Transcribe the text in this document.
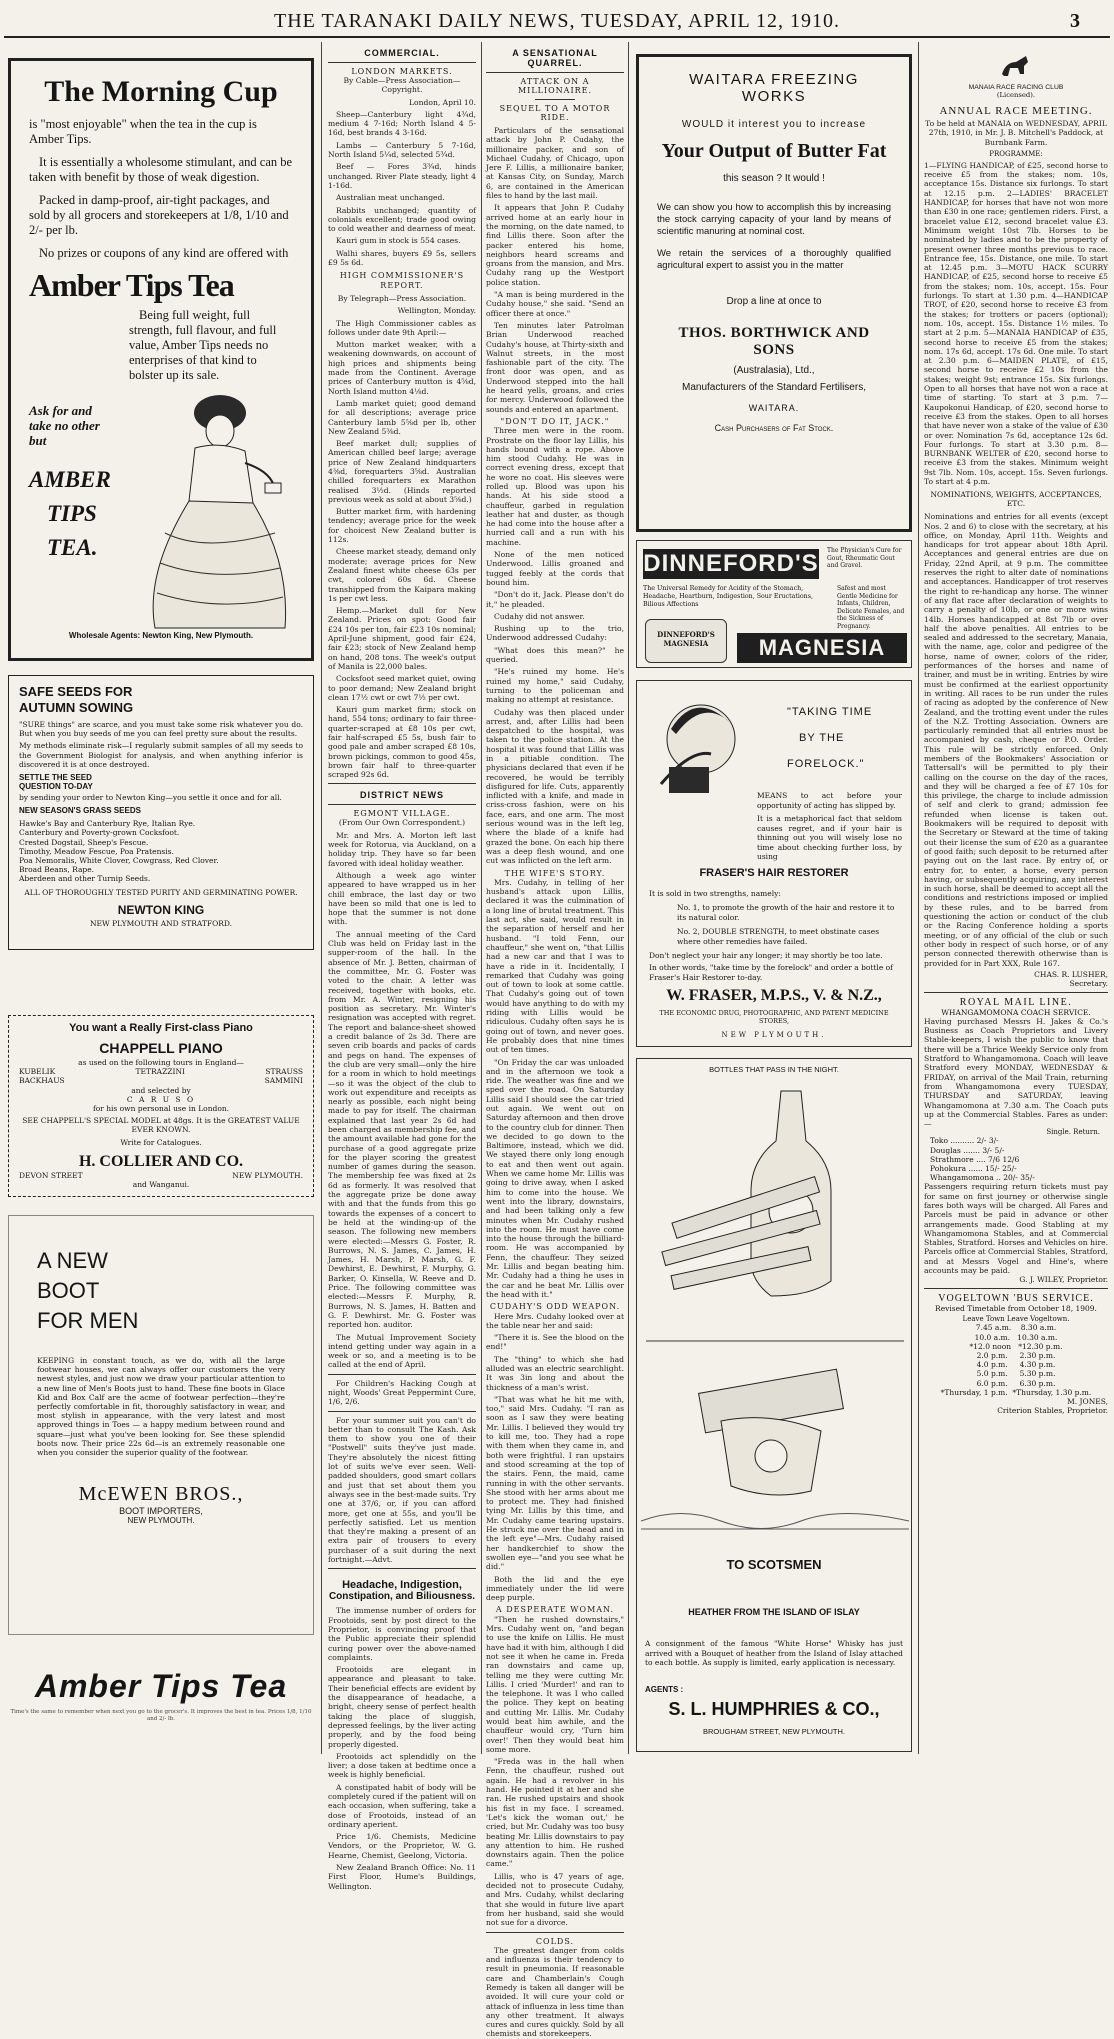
THE TARANAKI DAILY NEWS, TUESDAY, APRIL 12, 1910.	3
The Morning Cup
is "most enjoyable" when the tea in the cup is Amber Tips.
It is essentially a wholesome stimulant, and can be taken with benefit by those of weak digestion.
Packed in damp-proof, air-tight packages, and sold by all grocers and storekeepers at 1/8, 1/10 and 2/- per lb.
No prizes or coupons of any kind are offered with
Amber Tips Tea
Being full weight, full strength, full flavour, and full value, Amber Tips needs no enterprises of that kind to bolster up its sale.
Ask for and take no other but
AMBER
TIPS
TEA.
Wholesale Agents: Newton King, New Plymouth.
SAFE SEEDS FOR
AUTUMN SOWING
"SURE things" are scarce, and you must take some risk whatever you do. But when you buy seeds of me you can feel pretty sure about the results.
My methods eliminate risk—I regularly submit samples of all my seeds to the Government Biologist for analysis, and when anything inferior is discovered it is at once destroyed.
SETTLE THE SEED
QUESTION TO-DAY
by sending your order to Newton King—you settle it once and for all.
NEW SEASON'S GRASS SEEDS
Hawke's Bay and Canterbury Rye, Italian Rye.
Canterbury and Poverty-grown Cocksfoot.
Crested Dogstail, Sheep's Fescue.
Timothy, Meadow Fescue, Poa Pratensis.
Poa Nemoralis, White Clover, Cowgrass, Red Clover.
Broad Beans, Rape.
Aberdeen and other Turnip Seeds.
ALL OF THOROUGHLY TESTED PURITY AND GERMINATING POWER.
NEWTON KING
NEW PLYMOUTH AND STRATFORD.
You want a Really First-class Piano
CHAPPELL PIANO
as used on the following tours in England—
KUBELIK	TETRAZZINI	STRAUSS
BACKHAUS	SAMMINI
and selected by
C A R U S O
for his own personal use in London.
SEE CHAPPELL'S SPECIAL MODEL at 48gs. It is the GREATEST VALUE EVER KNOWN.
Write for Catalogues.
H. COLLIER AND CO.
DEVON STREET	NEW PLYMOUTH.
and Wanganui.
A NEW
BOOT
FOR MEN
KEEPING in constant touch, as we do, with all the large footwear houses, we can always offer our customers the very newest styles, and just now we draw your particular attention to a new line of Men's Boots just to hand. These fine boots in Glace Kid and Box Calf are the acme of footwear perfection—they're perfectly comfortable in fit, thoroughly satisfactory in wear, and most stylish in appearance, with the very latest and most approved things in Toes — a happy medium between round and square—just what you've been looking for. See these splendid boots now. Their price 22s 6d—is an extremely reasonable one when you consider the superior quality of the footwear.
McEWEN BROS.,
BOOT IMPORTERS,
NEW PLYMOUTH.
Amber Tips Tea
Time's the same to remember when next you go to the grocer's. It improves the best in tea. Prices 1/8, 1/10 and 2/- lb.
COMMERCIAL.
LONDON MARKETS.

By Cable—Press Association—Copyright.

London, April 10.

Sheep—Canterbury light 4¾d, medium 4 7-16d; North Island 4 5-16d, best brands 4 3-16d.

Lambs — Canterbury 5 7-16d, North Island 5¼d, selected 5¾d.

Beef — Fores 3¾d, hinds unchanged. River Plate steady, light 4 1-16d.

Australian meat unchanged.

Rabbits unchanged; quantity of colonials excellent; trade good owing to cold weather and dearness of meat.

Kauri gum in stock is 554 cases.

Walhi shares, buyers £9 5s, sellers £9 5s 6d.

HIGH COMMISSIONER'S REPORT.

By Telegraph—Press Association.

Wellington, Monday.

The High Commissioner cables as follows under date 9th April:—

Mutton market weaker, with a weakening downwards, on account of high prices and shipments being made from the Continent. Average prices of Canterbury mutton is 4⅝d, North Island mutton 4⅛d.

Lamb market quiet; good demand for all descriptions; average price Canterbury lamb 5⅝d per lb, other New Zealand 5⅜d.

Beef market dull; supplies of American chilled beef large; average price of New Zealand hindquarters 4⅜d, forequarters 3⅝d. Australian chilled forequarters ex Marathon realised 3½d. (Hinds reported previous week as sold at about 3⅝d.)

Butter market firm, with hardening tendency; average price for the week for choicest New Zealand butter is 112s.

Cheese market steady, demand only moderate; average prices for New Zealand finest white cheese 63s per cwt, colored 60s 6d. Cheese transhipped from the Kaipara making 1s per cwt less.

Hemp.—Market dull for New Zealand. Prices on spot: Good fair £24 10s per ton, fair £23 10s nominal; April-June shipment, good fair £24, fair £23; stock of New Zealand hemp on hand, 208 tons. The week's output of Manila is 22,000 bales.

Cocksfoot seed market quiet, owing to poor demand; New Zealand bright clean 17½ cwt or cwt 7½ per cwt.

Kauri gum market firm; stock on hand, 554 tons; ordinary to fair three-quarter-scraped at £8 10s per cwt, fair half-scraped £5 5s, bush fair to good pale and amber scraped £8 10s, brown pickings, common to good 45s, brown fair half to three-quarter scraped 92s 6d.

DISTRICT NEWS
EGMONT VILLAGE.

(From Our Own Correspondent.)

Mr. and Mrs. A. Morton left last week for Rotorua, via Auckland, on a holiday trip. They have so far been favored with ideal holiday weather.

Although a week ago winter appeared to have wrapped us in her chill embrace, the last day or two have been so mild that one is led to hope that the summer is not done with.

The annual meeting of the Card Club was held on Friday last in the supper-room of the hall. In the absence of Mr. J. Betten, chairman of the committee, Mr. G. Foster was voted to the chair. A letter was received, together with books, etc. from Mr. A. Winter, resigning his position as secretary. Mr. Winter's resignation was accepted with regret. The report and balance-sheet showed a credit balance of 2s 3d. There are seven crib boards and packs of cards and pegs on hand. The expenses of the club are very small—only the hire for a room in which to hold meetings—so it was the object of the club to work out expenditure and receipts as nearly as possible, each night being made to pay for itself. The chairman explained that last year 2s 6d had been charged as membership fee, and the amount available had gone for the purchase of a good aggregate prize for the player scoring the greatest number of games during the season. The membership fee was fixed at 2s 6d as formerly. It was resolved that the aggregate prize be done away with and that the funds from this go towards the expenses of a concert to be held at the winding-up of the season. The following new members were elected:—Messrs G. Foster, R. Burrows, N. S. James, C. James, H. James, H. Marsh, P. Marsh, G. F. Dewhirst, E. Dewhirst, F. Murphy, G. Barker, O. Kinsella, W. Reeve and D. Price. The following committee was elected:—Messrs F. Murphy, R. Burrows, N. S. James, H. Batten and G. F. Dewhirst. Mr. G. Foster was reported hon. auditor.

The Mutual Improvement Society intend getting under way again in a week or so, and a meeting is to be called at the end of April.

For Children's Hacking Cough at night, Woods' Great Peppermint Cure, 1/6, 2/6.

For your summer suit you can't do better than to consult The Kash. Ask them to show you one of their "Postwell" suits they've just made. They're absolutely the nicest fitting lot of suits we've ever seen. Well-padded shoulders, good smart collars and just that set about them you always see in the best-made suits. Try one at 37/6, or, if you can afford more, get one at 55s, and you'll be perfectly satisfied. Let us mention that they're making a present of an extra pair of trousers to every purchaser of a suit during the next fortnight.—Advt.

Headache, Indigestion,
Constipation, and Biliousness.

The immense number of orders for Frootoids, sent by post direct to the Proprietor, is convincing proof that the Public appreciate their splendid curing power over the above-named complaints.

Frootoids are elegant in appearance and pleasant to take. Their beneficial effects are evident by the disappearance of headache, a bright, cheery sense of perfect health taking the place of sluggish, depressed feelings, by the liver acting properly, and by the food being properly digested.

Frootoids act splendidly on the liver; a dose taken at bedtime once a week is highly beneficial.

A constipated habit of body will be completely cured if the patient will on each occasion, when suffering, take a dose of Frootoids, instead of an ordinary aperient.

Price 1/6. Chemists, Medicine Vendors, or the Proprietor, W. G. Hearne, Chemist, Geelong, Victoria.

New Zealand Branch Office: No. 11 First Floor, Hume's Buildings, Wellington.

A SENSATIONAL QUARREL.
ATTACK ON A MILLIONAIRE.
SEQUEL TO A MOTOR RIDE.

Particulars of the sensational attack by John P. Cudahy, the millionaire packer, and son of Michael Cudahy, of Chicago, upon Jere F. Lillis, a millionaire banker, at Kansas City, on Sunday, March 6, are contained in the American files to hand by the last mail.

It appears that John P. Cudahy arrived home at an early hour in the morning, on the date named, to find Lillis there. Soon after the packer entered his home, neighbors heard screams and groans from the mansion, and Mrs. Cudahy rang up the Westport police station.

"A man is being murdered in the Cudahy house," she said. "Send an officer there at once."

Ten minutes later Patrolman Brian Underwood reached Cudahy's house, at Thirty-sixth and Walnut streets, in the most fashionable part of the city. The front door was open, and as Underwood stepped into the hall he heard yells, groans, and cries for mercy. Underwood followed the sounds and entered an apartment.

"DON'T DO IT, JACK."

Three men were in the room. Prostrate on the floor lay Lillis, his hands bound with a rope. Above him stood Cudahy. He was in correct evening dress, except that he wore no coat. His sleeves were rolled up. Blood was upon his hands. At his side stood a chauffeur, garbed in regulation leather hat and duster, as though he had come into the house after a hurried call and a run with his machine.

None of the men noticed Underwood. Lillis groaned and tugged feebly at the cords that bound him.

"Don't do it, Jack. Please don't do it," he pleaded.

Cudahy did not answer.

Rushing up to the trio, Underwood addressed Cudahy:

"What does this mean?" he queried.

"He's ruined my home. He's ruined my home," said Cudahy, turning to the policeman and making no attempt at resistance.

Cudahy was then placed under arrest, and, after Lillis had been despatched to the hospital, was taken to the police station. At the hospital it was found that Lillis was in a pitiable condition. The physicians declared that even if he recovered, he would be terribly disfigured for life. Cuts, apparently inflicted with a knife, and made in criss-cross fashion, were on his face, ears, and one arm. The most serious wound was in the left leg, where the blade of a knife had grazed the bone. On each hip there was a deep flesh wound, and one cut was inflicted on the left arm.

THE WIFE'S STORY.

Mrs. Cudahy, in telling of her husband's attack upon Lillis, declared it was the culmination of a long line of brutal treatment. This last act, she said, would result in the separation of herself and her husband. "I told Fenn, our chauffeur," she went on, "that Lillis had a new car and that I was to have a ride in it. Incidentally, I remarked that Cudahy was going out of town to look at some cattle. That Cudahy's going out of town would have anything to do with my riding with Lillis would be ridiculous. Cudahy often says he is going out of town, and never goes. He probably does that nine times out of ten times.

"On Friday the car was unloaded and in the afternoon we took a ride. The weather was fine and we sped over the road. On Saturday Lillis said I should see the car tried out again. We went out on Saturday afternoon and then drove to the country club for dinner. Then we decided to go down to the Baltimore, instead, which we did. We stayed there only long enough to eat and then went out again. When we came home Mr. Lillis was going to drive away, when I asked him to come into the house. We went into the library, downstairs, and had been talking only a few minutes when Mr. Cudahy rushed into the room. He must have come into the house through the billiard-room. He was accompanied by Fenn, the chauffeur. They seized Mr. Lillis and began beating him. Mr. Cudahy had a thing he uses in the car and he beat Mr. Lillis over the head with it."

CUDAHY'S ODD WEAPON.

Here Mrs. Cudahy looked over at the table near her and said:

"There it is. See the blood on the end!"

The "thing" to which she had alluded was an electric searchlight. It was 3in long and about the thickness of a man's wrist.

"That was what he hit me with, too," said Mrs. Cudahy. "I ran as soon as I saw they were beating Mr. Lillis. I believed they would try to kill me, too. They had a rope with them when they came in, and both were frightful. I ran upstairs and stood screaming at the top of the stairs. Fenn, the maid, came running in with the other servants. She stood with her arms about me to protect me. They had finished tying Mr. Lillis by this time, and Mr. Cudahy came tearing upstairs. He struck me over the head and in the left eye"—Mrs. Cudahy raised her handkerchief to show the swollen eye—"and you see what he did."

Both the lid and the eye immediately under the lid were deep purple.

A DESPERATE WOMAN.

"Then he rushed downstairs," Mrs. Cudahy went on, "and began to use the knife on Lillis. He must have had it with him, although I did not see it when he came in. Freda ran downstairs and came up, telling me they were cutting Mr. Lillis. I cried 'Murder!' and ran to the telephone. It was I who called the police. They kept on beating and cutting Mr. Lillis. Mr. Cudahy would beat him awhile, and the chauffeur would cry, 'Turn him over!' Then they would beat him some more.

"Freda was in the hall when Fenn, the chauffeur, rushed out again. He had a revolver in his hand. He pointed it at her and she ran. He rushed upstairs and shook his fist in my face. I screamed. 'Let's kick the woman out,' he cried, but Mr. Cudahy was too busy beating Mr. Lillis downstairs to pay any attention to him. He rushed downstairs again. Then the police came."

Lillis, who is 47 years of age, decided not to prosecute Cudahy, and Mrs. Cudahy, whilst declaring that she would in future live apart from her husband, said she would not sue for a divorce.

COLDS.

The greatest danger from colds and influenza is their tendency to result in pneumonia. If reasonable care and Chamberlain's Cough Remedy is taken all danger will be avoided. It will cure your cold or attack of influenza in less time than any other treatment. It always cures and cures quickly. Sold by all chemists and storekeepers.

WAITARA FREEZING WORKS
WOULD it interest you to increase
Your Output of Butter Fat
this season ? It would !
We can show you how to accomplish this by increasing the stock carrying capacity of your land by means of scientific manuring at nominal cost.
We retain the services of a thoroughly qualified agricultural expert to assist you in the matter
Drop a line at once to
THOS. BORTHWICK AND SONS
(Australasia), Ltd.,
Manufacturers of the Standard Fertilisers,
WAITARA.
Cash Purchasers of Fat Stock.
DINNEFORD'S
The Universal Remedy for Acidity of the Stomach, Headache, Heartburn, Indigestion, Sour Eructations, Bilious Affections
The Physician's Cure for Gout, Rheumatic Gout and Gravel.
Safest and most Gentle Medicine for Infants, Children, Delicate Females, and the Sickness of Pregnancy.
DINNEFORD'S MAGNESIA	MAGNESIA
"TAKING TIME
BY THE
FORELOCK."
MEANS to act before your opportunity of acting has slipped by.
It is a metaphorical fact that seldom causes regret, and if your hair is thinning out you will wisely lose no time about checking further loss, by using
FRASER'S HAIR RESTORER
It is sold in two strengths, namely:
No. 1, to promote the growth of the hair and restore it to its natural color.
No. 2, DOUBLE STRENGTH, to meet obstinate cases where other remedies have failed.
Don't neglect your hair any longer; it may shortly be too late.
In other words, "take time by the forelock" and order a bottle of Fraser's Hair Restorer to-day.
W. FRASER, M.P.S., V. & N.Z.,
THE ECONOMIC DRUG, PHOTOGRAPHIC, AND PATENT MEDICINE STORES,
NEW PLYMOUTH.
BOTTLES THAT PASS IN THE NIGHT.
TO SCOTSMEN
HEATHER FROM THE ISLAND OF ISLAY
A consignment of the famous "White Horse" Whisky has just arrived with a Bouquet of heather from the Island of Islay attached to each bottle. As supply is limited, early application is necessary.
AGENTS :
S. L. HUMPHRIES & CO.,
BROUGHAM STREET, NEW PLYMOUTH.
MANAIA RACE RACING CLUB
(Licensed).
ANNUAL RACE MEETING.
To be held at MANAIA on WEDNESDAY, APRIL 27th, 1910, in Mr. J. B. Mitchell's Paddock, at Burnbank Farm.
PROGRAMME:
1—FLYING HANDICAP, of £25, second horse to receive £5 from the stakes; nom. 10s, acceptance 15s. Distance six furlongs. To start at 12.15 p.m. 2—LADIES' BRACELET HANDICAP, for horses that have not won more than £30 in one race; gentlemen riders. First, a bracelet value £12, second bracelet value £3. Minimum weight 10st 7lb. Horses to be nominated by ladies and to be the property of present owner three months previous to race. Entrance fee, 15s. Distance, one mile. To start at 12.45 p.m. 3—MOTU HACK SCURRY HANDICAP, of £25, second horse to receive £5 from the stakes; nom. 10s, accept. 15s. Four furlongs. To start at 1.30 p.m. 4—HANDICAP TROT, of £20, second horse to receive £3 from the stakes; for trotters or pacers (optional); nom. 10s, accept. 15s. Distance 1½ miles. To start at 2 p.m. 5—MANAIA HANDICAP of £35, second horse to receive £5 from the stakes; nom. 17s 6d, accept. 17s 6d. One mile. To start at 2.30 p.m. 6—MAIDEN PLATE, of £15, second horse to receive £2 10s from the stakes; weight 9st; entrance 15s. Six furlongs. Open to all horses that have not won a race at time of starting. To start at 3 p.m. 7—Kaupokonui Handicap, of £20, second horse to receive £3 from the stakes. Open to all horses that have never won a stake of the value of £30 or over. Nomination 7s 6d, acceptance 12s 6d. Four furlongs. To start at 3.30 p.m. 8—BURNBANK WELTER of £20, second horse to receive £3 from the stakes. Minimum weight 9st 7lb. Nom. 10s, accept. 15s. Seven furlongs. To start at 4 p.m.
NOMINATIONS, WEIGHTS, ACCEPTANCES, ETC.
Nominations and entries for all events (except Nos. 2 and 6) to close with the secretary, at his office, on Monday, April 11th. Weights and handicaps for trot appear about 18th April. Acceptances and general entries are due on Friday, 22nd April, at 9 p.m. The committee reserves the right to alter date of nominations and acceptances. Handicapper of trot reserves the right to re-handicap any horse. The winner of any flat race after declaration of weights to carry a penalty of 10lb, or one or more wins 14lb. Horses handicapped at 8st 7lb or over half the above penalties. All entries to be sealed and addressed to the secretary, Manaia, with the name, age, color and pedigree of the horse, name of owner, colors of the rider, performances of the horses and name of trainer, and must be in writing. Entries by wire must be confirmed at the earliest opportunity in writing. All races to be run under the rules of racing as adopted by the conference of New Zealand, and the trotting event under the rules of the N.Z. Trotting Association. Owners are particularly reminded that all entries must be accompanied by cash, cheque or P.O. Order. This rule will be strictly enforced. Only members of the Bookmakers' Association or Tattersall's will be permitted to ply their calling on the course on the day of the races, and they will be charged a fee of £7 10s for this privilege, the charge to include admission of self and clerk to grand; admission fee refunded when license is taken out. Bookmakers will be required to deposit with the Secretary or Steward at the time of taking out their license the sum of £20 as a guarantee of good faith; such deposit to be returned after paying out on the last race. By entry of, or entry for, to enter, a horse, every person having, or subsequently acquiring, any interest in such horse, shall be deemed to accept all the conditions and restrictions imposed or implied by these rules, and to be barred from questioning the action or conduct of the club or the Racing Conference holding a sports meeting, or of any official of the club or such other body in respect of such horse, or of any person connected therewith otherwise than is provided for in Part XXX, Rule 167.
CHAS. R. LUSHER,
Secretary.
ROYAL MAIL LINE.
WHANGAMOMONA COACH SERVICE.
Having purchased Messrs H. Jakes & Co.'s Business as Coach Proprietors and Livery Stable-keepers, I wish the public to know that there will be a Thrice Weekly Service only from Stratford to Whangamomona. Coach will leave Stratford every MONDAY, WEDNESDAY & FRIDAY, on arrival of the Mail Train, returning from Whangamomona every TUESDAY, THURSDAY and SATURDAY, leaving Whangamomona at 7.30 a.m. The Coach puts up at the Commercial Stables. Fares as under:—
Single. Return.
Toko .......... 2/- 3/-
Douglas ....... 3/- 5/-
Strathmore .... 7/6 12/6
Pohokura ...... 15/- 25/-
Whangamomona .. 20/- 35/-
Passengers requiring return tickets must pay for same on first journey or otherwise single fares both ways will be charged. All Fares and Parcels must be paid in advance or other arrangements made. Good Stabling at my Whangamomona Stables, and at Commercial Stables, Stratford. Horses and Vehicles on hire. Parcels office at Commercial Stables, Stratford, and at Messrs Vogel and Hine's, where accounts may be paid.
G. J. WILEY, Proprietor.
VOGELTOWN 'BUS SERVICE.
Revised Timetable from October 18, 1909.
Leave Town Leave Vogeltown.
7.45 a.m.    8.30 a.m.
10.0 a.m.   10.30 a.m.
*12.0 noon   *12.30 p.m.
2.0 p.m.     2.30 p.m.
4.0 p.m.     4.30 p.m.
5.0 p.m.     5.30 p.m.
6.0 p.m.     6.30 p.m.
*Thursday, 1 p.m.  *Thursday, 1.30 p.m.
M. JONES,
Criterion Stables, Proprietor.
